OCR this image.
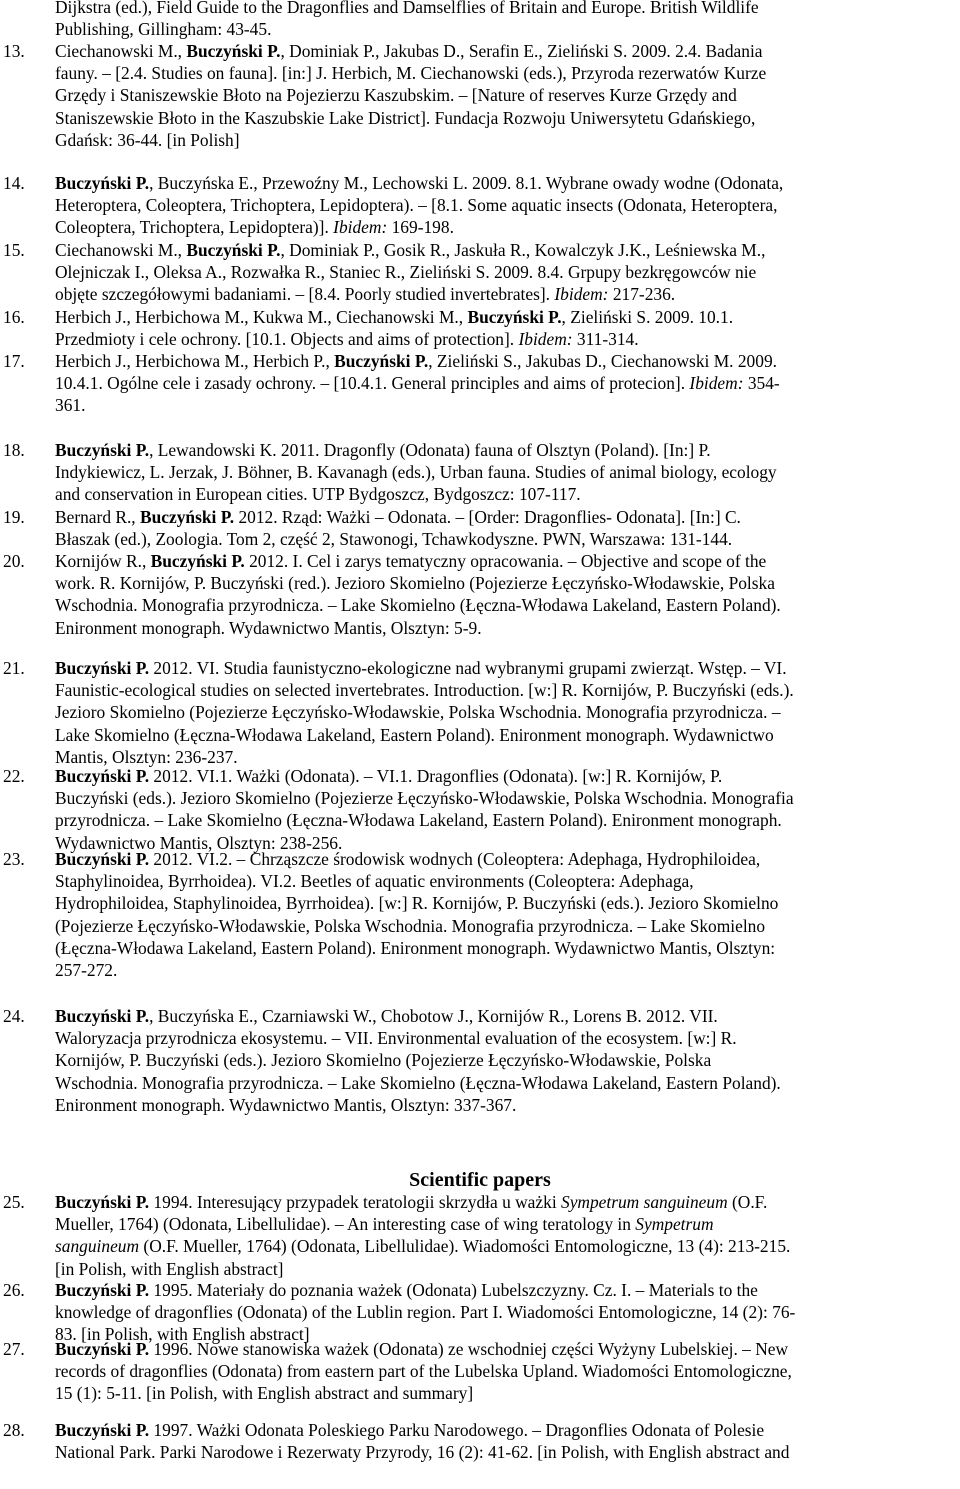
Scientific papers
Dijkstra (ed.), Field Guide to the Dragonflies and Damselflies of Britain and Europe. British Wildlife
Publishing, Gillingham: 43-45.
13. Ciechanowski M., Buczyński P., Dominiak P., Jakubas D., Serafin E., Zieliński S. 2009. 2.4. Badania
fauny. – [2.4. Studies on fauna]. [in:] J. Herbich, M. Ciechanowski (eds.), Przyroda rezerwatów Kurze
Grzędy i Staniszewskie Błoto na Pojezierzu Kaszubskim. – [Nature of reserves Kurze Grzędy and
Staniszewskie Błoto in the Kaszubskie Lake District]. Fundacja Rozwoju Uniwersytetu Gdańskiego,
Gdańsk: 36-44. [in Polish]
14. Buczyński P., Buczyńska E., Przewoźny M., Lechowski L. 2009. 8.1. Wybrane owady wodne (Odonata,
Heteroptera, Coleoptera, Trichoptera, Lepidoptera). – [8.1. Some aquatic insects (Odonata, Heteroptera,
Coleoptera, Trichoptera, Lepidoptera)]. Ibidem: 169-198.
15. Ciechanowski M., Buczyński P., Dominiak P., Gosik R., Jaskuła R., Kowalczyk J.K., Leśniewska M.,
Olejniczak I., Oleksa A., Rozwałka R., Staniec R., Zieliński S. 2009. 8.4. Grpupy bezkręgowców nie
objęte szczegółowymi badaniami. – [8.4. Poorly studied invertebrates]. Ibidem: 217-236.
16. Herbich J., Herbichowa M., Kukwa M., Ciechanowski M., Buczyński P., Zieliński S. 2009. 10.1.
Przedmioty i cele ochrony. [10.1. Objects and aims of protection]. Ibidem: 311-314.
17. Herbich J., Herbichowa M., Herbich P., Buczyński P., Zieliński S., Jakubas D., Ciechanowski M. 2009.
10.4.1. Ogólne cele i zasady ochrony. – [10.4.1. General principles and aims of protecion]. Ibidem: 354-
361.
18. Buczyński P., Lewandowski K. 2011. Dragonfly (Odonata) fauna of Olsztyn (Poland). [In:] P.
Indykiewicz, L. Jerzak, J. Böhner, B. Kavanagh (eds.), Urban fauna. Studies of animal biology, ecology
and conservation in European cities. UTP Bydgoszcz, Bydgoszcz: 107-117.
19. Bernard R., Buczyński P. 2012. Rząd: Ważki – Odonata. – [Order: Dragonflies- Odonata]. [In:] C.
Błaszak (ed.), Zoologia. Tom 2, część 2, Stawonogi, Tchawkodyszne. PWN, Warszawa: 131-144.
20. Kornijów R., Buczyński P. 2012. I. Cel i zarys tematyczny opracowania. – Objective and scope of the
work. R. Kornijów, P. Buczyński (red.). Jezioro Skomielno (Pojezierze Łęczyńsko-Włodawskie, Polska
Wschodnia. Monografia przyrodnicza. – Lake Skomielno (Łęczna-Włodawa Lakeland, Eastern Poland).
Enironment monograph. Wydawnictwo Mantis, Olsztyn: 5-9.
21. Buczyński P. 2012. VI. Studia faunistyczno-ekologiczne nad wybranymi grupami zwierząt. Wstęp. – VI.
Faunistic-ecological studies on selected invertebrates. Introduction. [w:] R. Kornijów, P. Buczyński (eds.).
Jezioro Skomielno (Pojezierze Łęczyńsko-Włodawskie, Polska Wschodnia. Monografia przyrodnicza. –
Lake Skomielno (Łęczna-Włodawa Lakeland, Eastern Poland). Enironment monograph. Wydawnictwo
Mantis, Olsztyn: 236-237.
22. Buczyński P. 2012. VI.1. Ważki (Odonata). – VI.1. Dragonflies (Odonata). [w:] R. Kornijów, P.
Buczyński (eds.). Jezioro Skomielno (Pojezierze Łęczyńsko-Włodawskie, Polska Wschodnia. Monografia
przyrodnicza. – Lake Skomielno (Łęczna-Włodawa Lakeland, Eastern Poland). Enironment monograph.
Wydawnictwo Mantis, Olsztyn: 238-256.
23. Buczyński P. 2012. VI.2. – Chrząszcze środowisk wodnych (Coleoptera: Adephaga, Hydrophiloidea,
Staphylinoidea, Byrrhoidea). VI.2. Beetles of aquatic environments (Coleoptera: Adephaga,
Hydrophiloidea, Staphylinoidea, Byrrhoidea). [w:] R. Kornijów, P. Buczyński (eds.). Jezioro Skomielno
(Pojezierze Łęczyńsko-Włodawskie, Polska Wschodnia. Monografia przyrodnicza. – Lake Skomielno
(Łęczna-Włodawa Lakeland, Eastern Poland). Enironment monograph. Wydawnictwo Mantis, Olsztyn:
257-272.
24. Buczyński P., Buczyńska E., Czarniawski W., Chobotow J., Kornijów R., Lorens B. 2012. VII.
Waloryzacja przyrodnicza ekosystemu. – VII. Environmental evaluation of the ecosystem. [w:] R.
Kornijów, P. Buczyński (eds.). Jezioro Skomielno (Pojezierze Łęczyńsko-Włodawskie, Polska
Wschodnia. Monografia przyrodnicza. – Lake Skomielno (Łęczna-Włodawa Lakeland, Eastern Poland).
Enironment monograph. Wydawnictwo Mantis, Olsztyn: 337-367.
25. Buczyński P. 1994. Interesujący przypadek teratologii skrzydła u ważki Sympetrum sanguineum (O.F.
Mueller, 1764) (Odonata, Libellulidae). – An interesting case of wing teratology in Sympetrum
sanguineum (O.F. Mueller, 1764) (Odonata, Libellulidae). Wiadomości Entomologiczne, 13 (4): 213-215.
[in Polish, with English abstract]
26. Buczyński P. 1995. Materiały do poznania ważek (Odonata) Lubelszczyzny. Cz. I. – Materials to the
knowledge of dragonflies (Odonata) of the Lublin region. Part I. Wiadomości Entomologiczne, 14 (2): 76-
83. [in Polish, with English abstract]
27. Buczyński P. 1996. Nowe stanowiska ważek (Odonata) ze wschodniej części Wyżyny Lubelskiej. – New
records of dragonflies (Odonata) from eastern part of the Lubelska Upland. Wiadomości Entomologiczne,
15 (1): 5-11. [in Polish, with English abstract and summary]
28. Buczyński P. 1997. Ważki Odonata Poleskiego Parku Narodowego. – Dragonflies Odonata of Polesie
National Park. Parki Narodowe i Rezerwaty Przyrody, 16 (2): 41-62. [in Polish, with English abstract and
